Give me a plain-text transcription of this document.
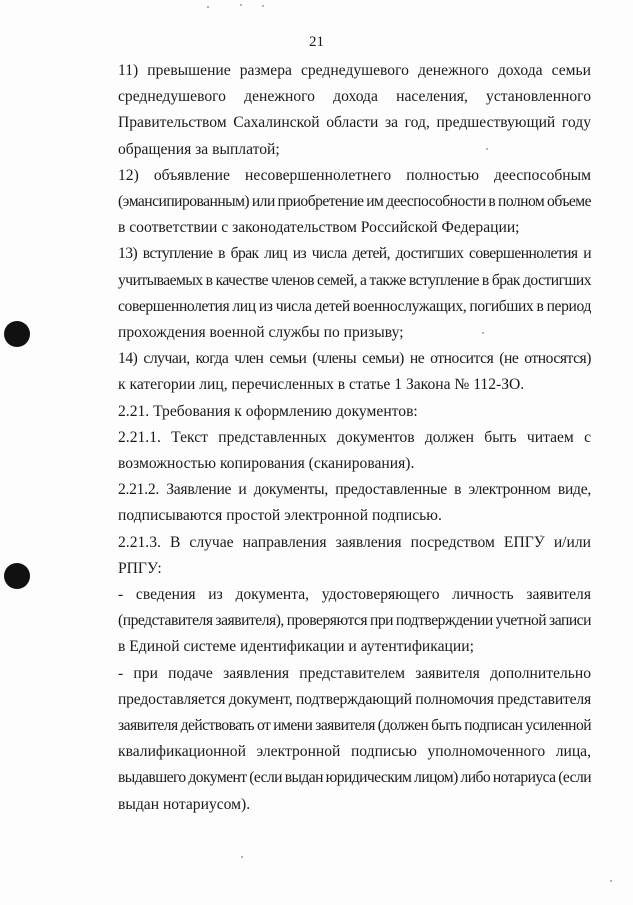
21

11) превышение размера среднедушевого денежного дохода семьи
среднедушевого денежного дохода населения, установленного
Правительством Сахалинской области за год, предшествующий году
обращения за выплатой;

12) объявление несовершеннолетнего полностью дееспособным
(эмансипированным) или приобретение им дееспособности в полном объеме
в соответствии с законодательством Российской Федерации;

13) вступление в брак лиц из числа детей, достигших совершеннолетия и
учитываемых в качестве членов семей, а также вступление в брак достигших
совершеннолетия лиц из числа детей военнослужащих, погибших в период
прохождения военной службы по призыву;

14) случаи, когда член семьи (члены семьи) не относится (не относятся)
к категории лиц, перечисленных в статье 1 Закона № 112-ЗО.

2.21. Требования к оформлению документов:

2.21.1. Текст представленных документов должен быть читаем с
возможностью копирования (сканирования).

2.21.2. Заявление и документы, предоставленные в электронном виде,
подписываются простой электронной подписью.

2.21.3. В случае направления заявления посредством ЕПГУ и/или
РПГУ:

- сведения из документа, удостоверяющего личность заявителя
(представителя заявителя), проверяются при подтверждении учетной записи
в Единой системе идентификации и аутентификации;

- при подаче заявления представителем заявителя дополнительно
предоставляется документ, подтверждающий полномочия представителя
заявителя действовать от имени заявителя (должен быть подписан усиленной
квалификационной электронной подписью уполномоченного лица,
выдавшего документ (если выдан юридическим лицом) либо нотариуса (если
выдан нотариусом).
